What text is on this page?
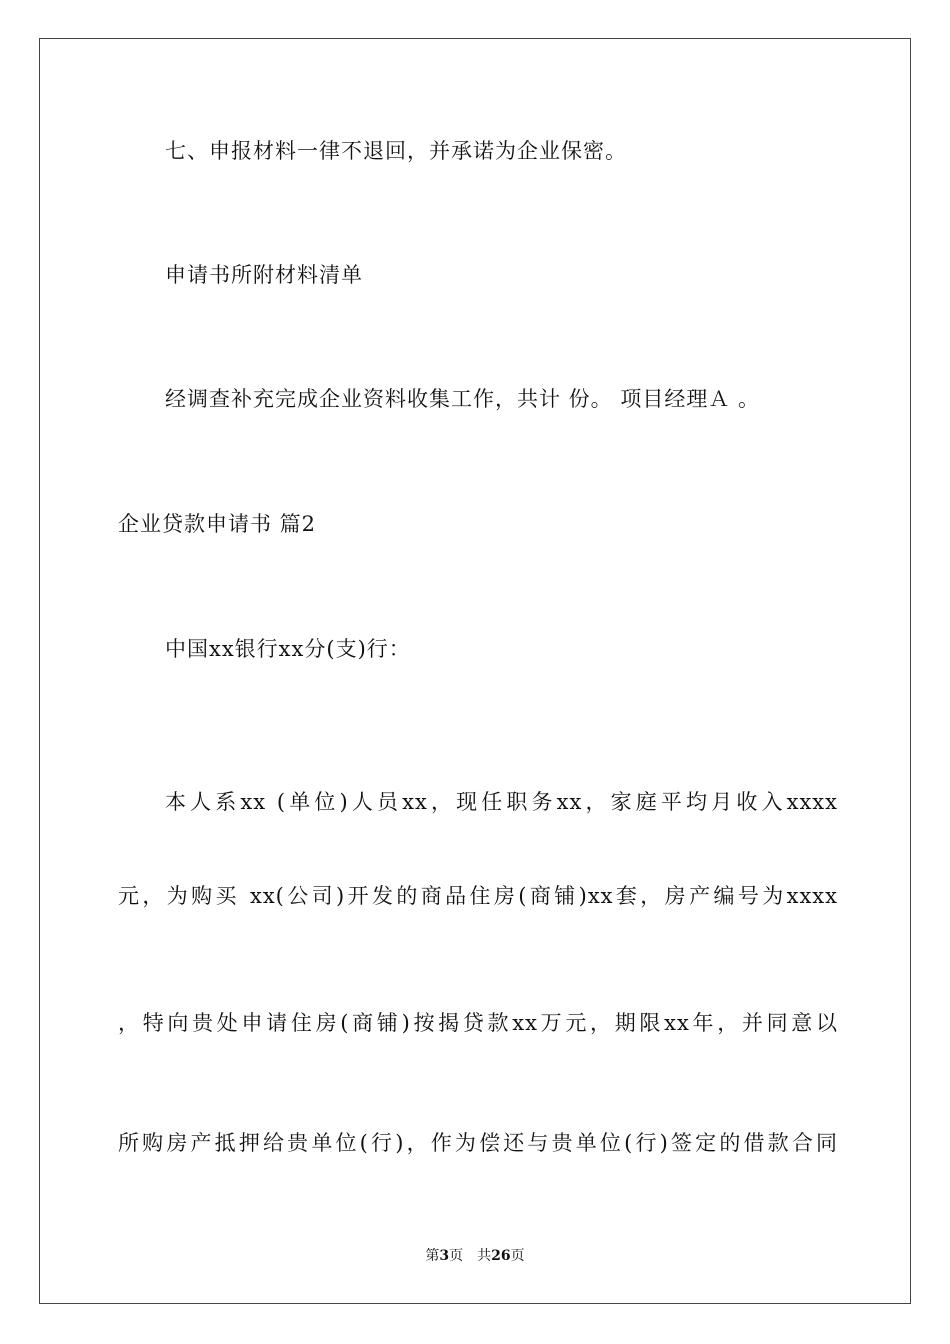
七、申报材料一律不退回，并承诺为企业保密。
申请书所附材料清单
经调查补充完成企业资料收集工作，共计 份。 项目经理Ａ 。
企业贷款申请书 篇2
中国xx银行xx分(支)行：
本人系xx (单位)人员xx，现任职务xx，家庭平均月收入xxxx
元，为购买 xx(公司)开发的商品住房(商铺)xx套，房产编号为xxxx
，特向贵处申请住房(商铺)按揭贷款xx万元，期限xx年，并同意以
所购房产抵押给贵单位(行)，作为偿还与贵单位(行)签定的借款合同
第3页 共26页
